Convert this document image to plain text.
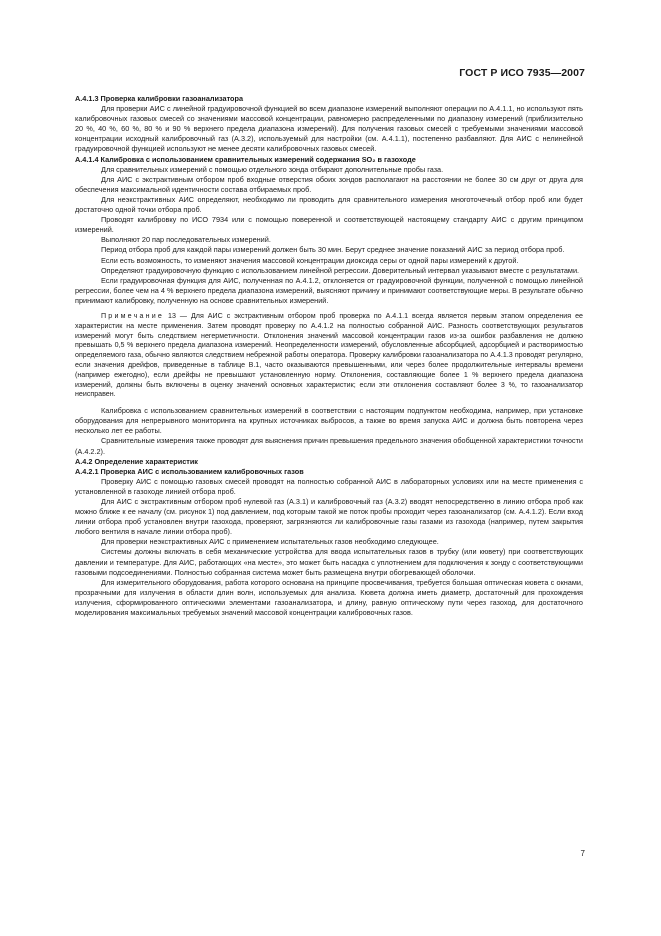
ГОСТ Р ИСО 7935—2007

A.4.1.3 Проверка калибровки газоанализатора

Для проверки АИС с линейной градуировочной функцией во всем диапазоне измерений выполняют операции по А.4.1.1, но используют пять калибровочных газовых смесей со значениями массовой концентрации, равномерно распределенными по диапазону измерений (приблизительно 20 %, 40 %, 60 %, 80 % и 90 % верхнего предела диапазона измерений). Для получения газовых смесей с требуемыми значениями массовой концентрации исходный калибровочный газ (А.3.2), используемый для настройки (см. А.4.1.1), постепенно разбавляют. Для АИС с нелинейной градуировочной функцией используют не менее десяти калибровочных газовых смесей.

A.4.1.4 Калибровка с использованием сравнительных измерений содержания SO₂ в газоходе

Для сравнительных измерений с помощью отдельного зонда отбирают дополнительные пробы газа.

Для АИС с экстрактивным отбором проб входные отверстия обоих зондов располагают на расстоянии не более 30 см друг от друга для обеспечения максимальной идентичности состава отбираемых проб.

Для неэкстрактивных АИС определяют, необходимо ли проводить для сравнительного измерения многоточечный отбор проб или будет достаточно одной точки отбора проб.

Проводят калибровку по ИСО 7934 или с помощью поверенной и соответствующей настоящему стандарту АИС с другим принципом измерений.

Выполняют 20 пар последовательных измерений.

Период отбора проб для каждой пары измерений должен быть 30 мин. Берут среднее значение показаний АИС за период отбора проб.

Если есть возможность, то изменяют значения массовой концентрации диоксида серы от одной пары измерений к другой.

Определяют градуировочную функцию с использованием линейной регрессии. Доверительный интервал указывают вместе с результатами.

Если градуировочная функция для АИС, полученная по А.4.1.2, отклоняется от градуировочной функции, полученной с помощью линейной регрессии, более чем на 4 % верхнего предела диапазона измерений, выясняют причину и принимают соответствующие меры. В результате обычно принимают калибровку, полученную на основе сравнительных измерений.

Примечание 13 — Для АИС с экстрактивным отбором проб проверка по А.4.1.1 всегда является первым этапом определения ее характеристик на месте применения. Затем проводят проверку по А.4.1.2 на полностью собранной АИС. Разность соответствующих результатов измерений могут быть следствием негерметичности. Отклонения значений массовой концентрации газов из-за ошибок разбавления не должно превышать 0,5 % верхнего предела диапазона измерений. Неопределенности измерений, обусловленные абсорбцией, адсорбцией и растворимостью определяемого газа, обычно являются следствием небрежной работы оператора. Проверку калибровки газоанализатора по А.4.1.3 проводят регулярно, если значения дрейфов, приведенные в таблице В.1, часто оказываются превышенными, или через более продолжительные интервалы времени (например ежегодно), если дрейфы не превышают установленную норму. Отклонения, составляющие более 1 % верхнего предела диапазона измерений, должны быть включены в оценку значений основных характеристик; если эти отклонения составляют более 3 %, то газоанализатор неисправен.

Калибровка с использованием сравнительных измерений в соответствии с настоящим подпунктом необходима, например, при установке оборудования для непрерывного мониторинга на крупных источниках выбросов, а также во время запуска АИС и должна быть повторена через несколько лет ее работы.

Сравнительные измерения также проводят для выяснения причин превышения предельного значения обобщенной характеристики точности (А.4.2.2).

A.4.2 Определение характеристик

A.4.2.1 Проверка АИС с использованием калибровочных газов

Проверку АИС с помощью газовых смесей проводят на полностью собранной АИС в лабораторных условиях или на месте применения с установленной в газоходе линией отбора проб.

Для АИС с экстрактивным отбором проб нулевой газ (А.3.1) и калибровочный газ (А.3.2) вводят непосредственно в линию отбора проб как можно ближе к ее началу (см. рисунок 1) под давлением, под которым такой же поток пробы проходит через газоанализатор (см. А.4.1.2). Если вход линии отбора проб установлен внутри газохода, проверяют, загрязняются ли калибровочные газы газами из газохода (например, путем закрытия любого вентиля в начале линии отбора проб).

Для проверки неэкстрактивных АИС с применением испытательных газов необходимо следующее.

Системы должны включать в себя механические устройства для ввода испытательных газов в трубку (или кювету) при соответствующих давлении и температуре. Для АИС, работающих «на месте», это может быть насадка с уплотнением для подключения к зонду с соответствующими газовыми подсоединениями. Полностью собранная система может быть размещена внутри обогревающей оболочки.

Для измерительного оборудования, работа которого основана на принципе просвечивания, требуется большая оптическая кювета с окнами, прозрачными для излучения в области длин волн, используемых для анализа. Кювета должна иметь диаметр, достаточный для прохождения излучения, сформированного оптическими элементами газоанализатора, и длину, равную оптическому пути через газоход, для достаточного моделирования максимальных требуемых значений массовой концентрации калибровочных газов.

7
